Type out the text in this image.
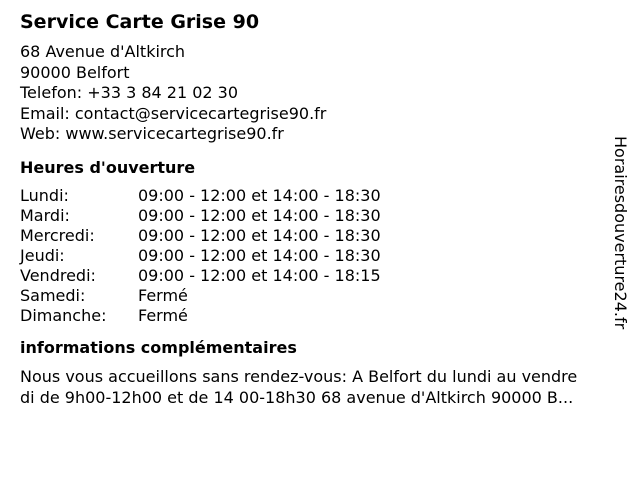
Service Carte Grise 90
68 Avenue d'Altkirch
90000 Belfort
Telefon: +33 3 84 21 02 30
Email: contact@servicecartegrise90.fr
Web: www.servicecartegrise90.fr
Heures d'ouverture
Lundi:	09:00 - 12:00 et 14:00 - 18:30
Mardi:	09:00 - 12:00 et 14:00 - 18:30
Mercredi:	09:00 - 12:00 et 14:00 - 18:30
Jeudi:	09:00 - 12:00 et 14:00 - 18:30
Vendredi:	09:00 - 12:00 et 14:00 - 18:15
Samedi:	Fermé
Dimanche:	Fermé
informations complémentaires
Nous vous accueillons sans rendez-vous: A Belfort du lundi au vendre
di de 9h00-12h00 et de 14 00-18h30 68 avenue d'Altkirch 90000 B...
Horairesdouverture24.fr
